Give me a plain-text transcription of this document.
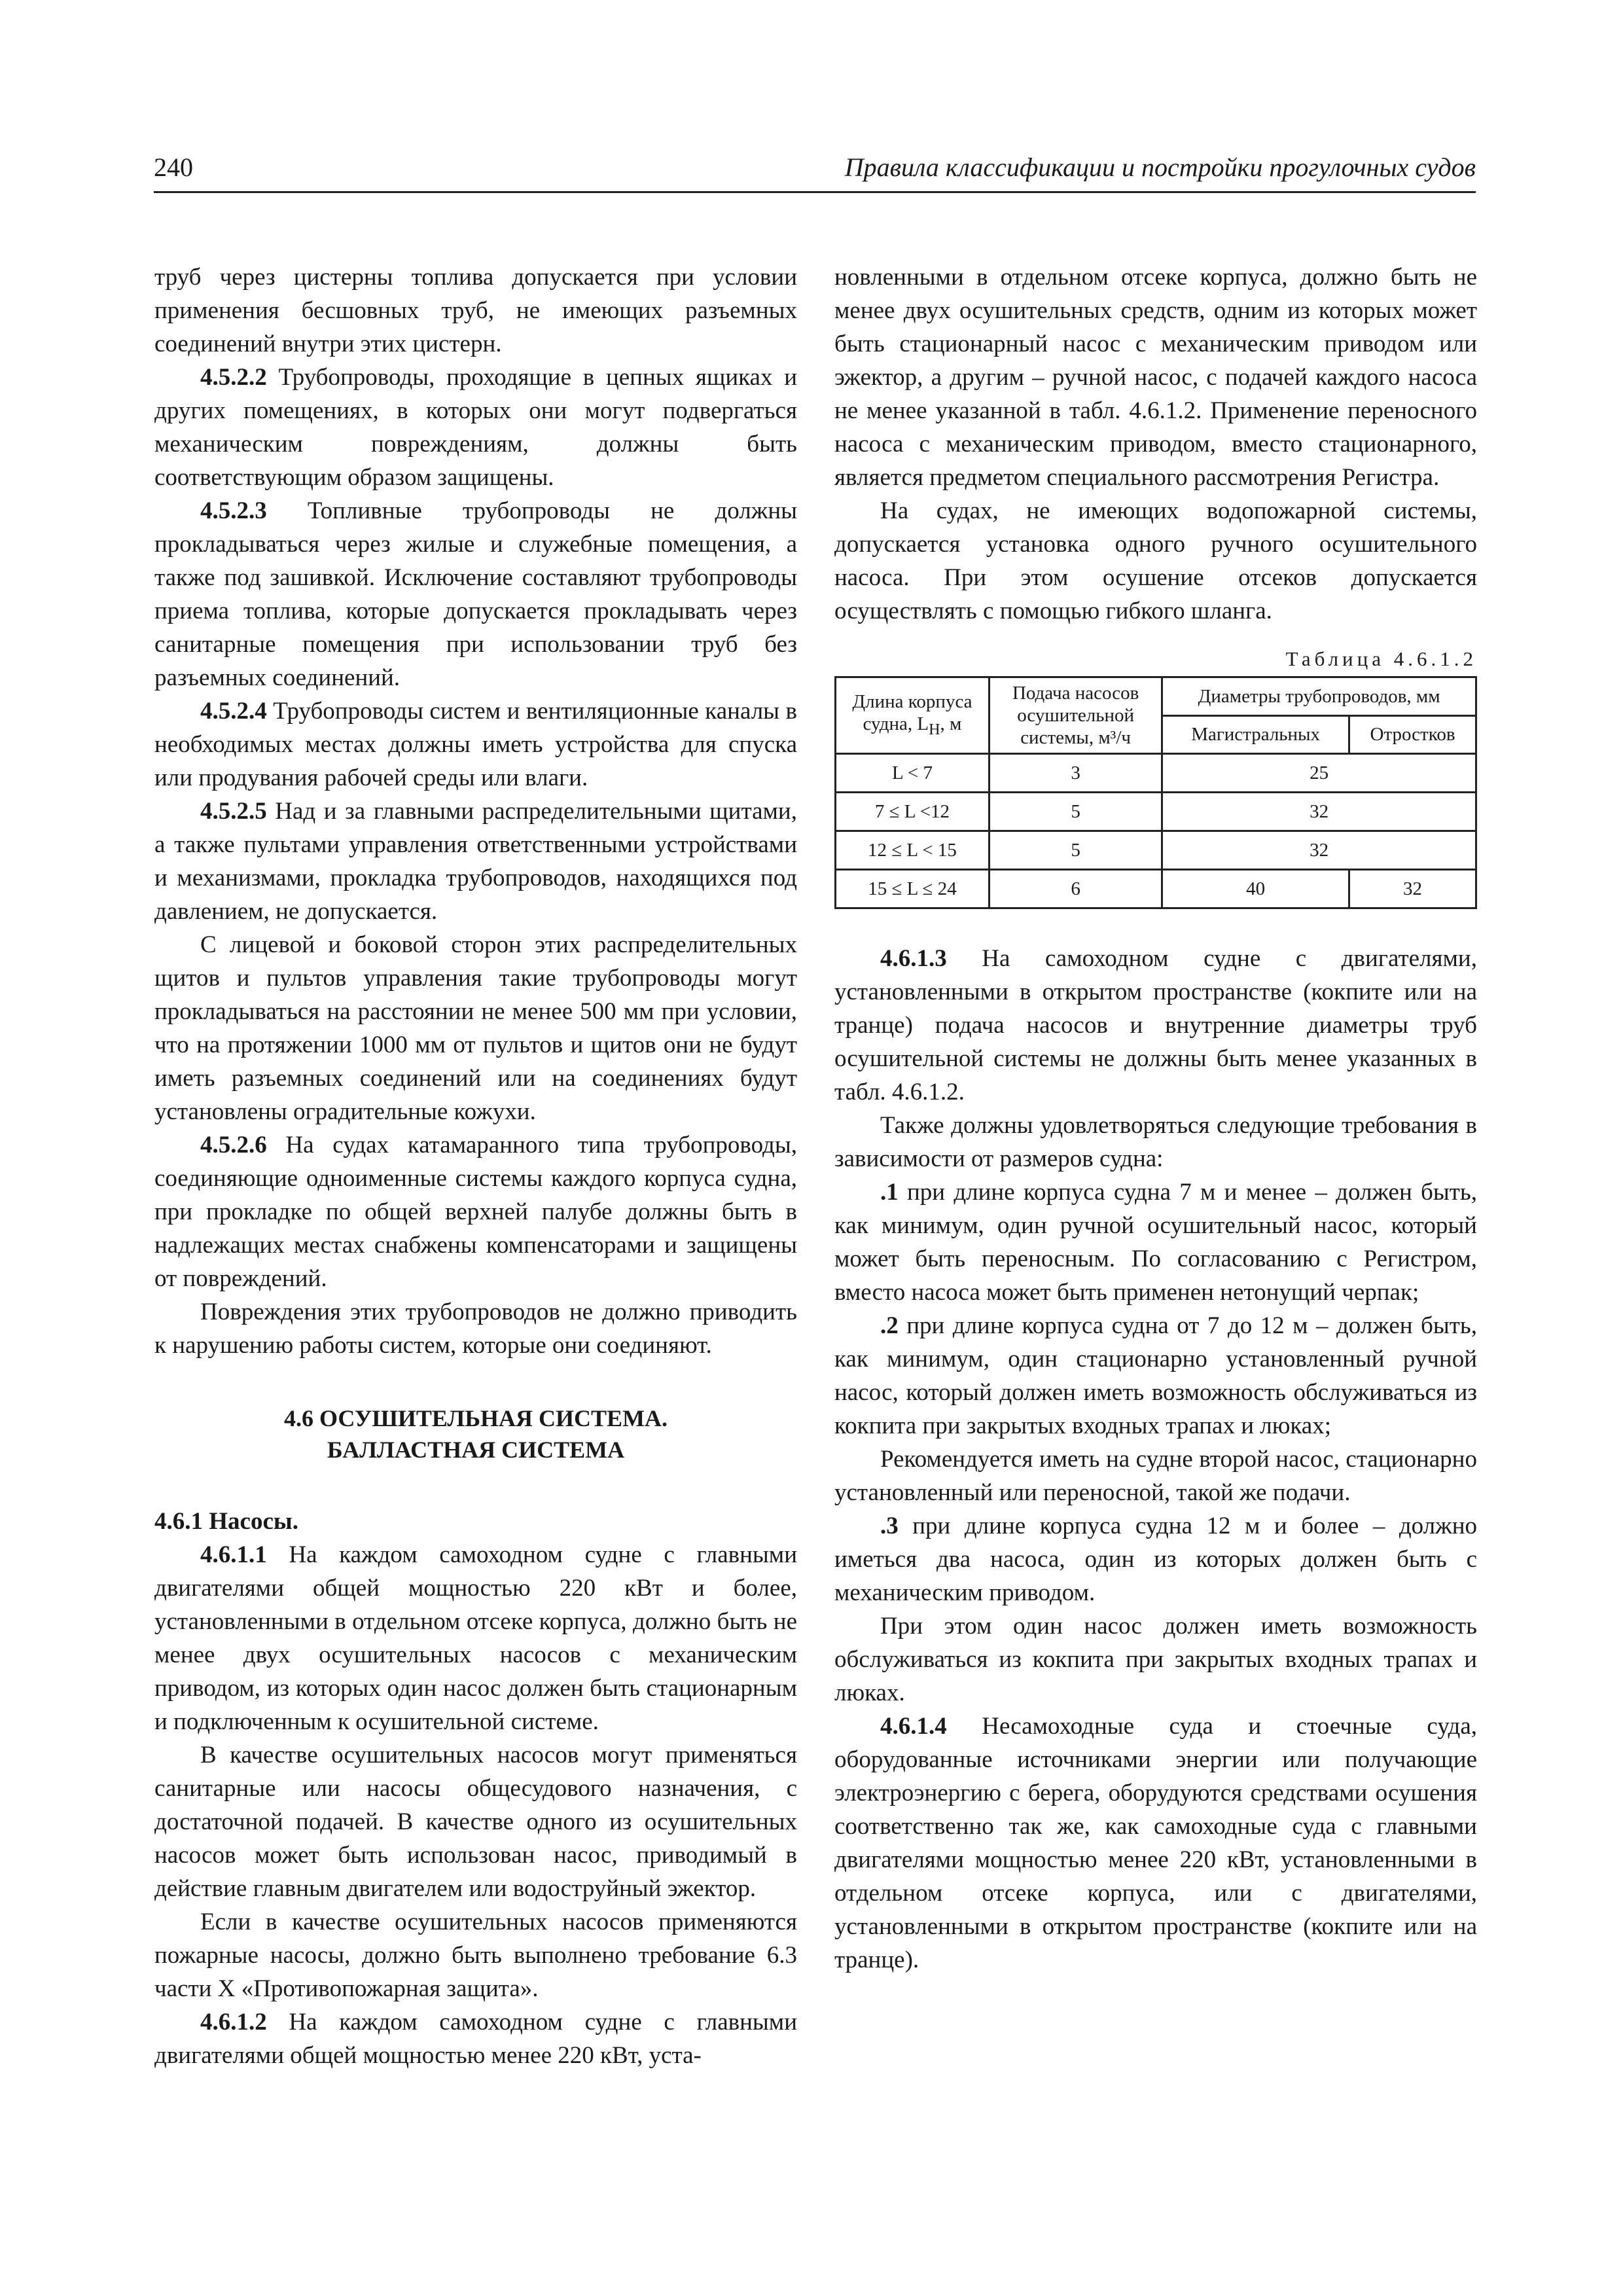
240	Правила классификации и постройки прогулочных судов

труб через цистерны топлива допускается при условии применения бесшовных труб, не имеющих разъемных соединений внутри этих цистерн.

4.5.2.2 Трубопроводы, проходящие в цепных ящиках и других помещениях, в которых они могут подвергаться механическим повреждениям, должны быть соответствующим образом защищены.

4.5.2.3 Топливные трубопроводы не должны прокладываться через жилые и служебные помещения, а также под зашивкой. Исключение составляют трубопроводы приема топлива, которые допускается прокладывать через санитарные помещения при использовании труб без разъемных соединений.

4.5.2.4 Трубопроводы систем и вентиляционные каналы в необходимых местах должны иметь устройства для спуска или продувания рабочей среды или влаги.

4.5.2.5 Над и за главными распределительными щитами, а также пультами управления ответственными устройствами и механизмами, прокладка трубопроводов, находящихся под давлением, не допускается.

С лицевой и боковой сторон этих распределительных щитов и пультов управления такие трубопроводы могут прокладываться на расстоянии не менее 500 мм при условии, что на протяжении 1000 мм от пультов и щитов они не будут иметь разъемных соединений или на соединениях будут установлены оградительные кожухи.

4.5.2.6 На судах катамаранного типа трубопроводы, соединяющие одноименные системы каждого корпуса судна, при прокладке по общей верхней палубе должны быть в надлежащих местах снабжены компенсаторами и защищены от повреждений.

Повреждения этих трубопроводов не должно приводить к нарушению работы систем, которые они соединяют.

4.6 ОСУШИТЕЛЬНАЯ СИСТЕМА.
БАЛЛАСТНАЯ СИСТЕМА

4.6.1 Насосы.

4.6.1.1 На каждом самоходном судне с главными двигателями общей мощностью 220 кВт и более, установленными в отдельном отсеке корпуса, должно быть не менее двух осушительных насосов с механическим приводом, из которых один насос должен быть стационарным и подключенным к осушительной системе.

В качестве осушительных насосов могут применяться санитарные или насосы общесудового назначения, с достаточной подачей. В качестве одного из осушительных насосов может быть использован насос, приводимый в действие главным двигателем или водоструйный эжектор.

Если в качестве осушительных насосов применяются пожарные насосы, должно быть выполнено требование 6.3 части X «Противопожарная защита».

4.6.1.2 На каждом самоходном судне с главными двигателями общей мощностью менее 220 кВт, уста-

новленными в отдельном отсеке корпуса, должно быть не менее двух осушительных средств, одним из которых может быть стационарный насос с механическим приводом или эжектор, а другим – ручной насос, с подачей каждого насоса не менее указанной в табл. 4.6.1.2. Применение переносного насоса с механическим приводом, вместо стационарного, является предметом специального рассмотрения Регистра.

На судах, не имеющих водопожарной системы, допускается установка одного ручного осушительного насоса. При этом осушение отсеков допускается осуществлять с помощью гибкого шланга.

Таблица 4.6.1.2
Длина корпуса судна, $L_H$, м	Подача насосов осушительной системы, м³/ч	Диаметры трубопроводов, мм	
		Магистральных	Отростков
L < 7	3	25	
7 ≤ L <12	5	32	
12 ≤ L < 15	5	32	
15 ≤ L ≤ 24	6	40	32

4.6.1.3 На самоходном судне с двигателями, установленными в открытом пространстве (кокпите или на транце) подача насосов и внутренние диаметры труб осушительной системы не должны быть менее указанных в табл. 4.6.1.2.

Также должны удовлетворяться следующие требования в зависимости от размеров судна:

.1 при длине корпуса судна 7 м и менее – должен быть, как минимум, один ручной осушительный насос, который может быть переносным. По согласованию с Регистром, вместо насоса может быть применен нетонущий черпак;

.2 при длине корпуса судна от 7 до 12 м – должен быть, как минимум, один стационарно установленный ручной насос, который должен иметь возможность обслуживаться из кокпита при закрытых входных трапах и люках;

Рекомендуется иметь на судне второй насос, стационарно установленный или переносной, такой же подачи.

.3 при длине корпуса судна 12 м и более – должно иметься два насоса, один из которых должен быть с механическим приводом.

При этом один насос должен иметь возможность обслуживаться из кокпита при закрытых входных трапах и люках.

4.6.1.4 Несамоходные суда и стоечные суда, оборудованные источниками энергии или получающие электроэнергию с берега, оборудуются средствами осушения соответственно так же, как самоходные суда с главными двигателями мощностью менее 220 кВт, установленными в отдельном отсеке корпуса, или с двигателями, установленными в открытом пространстве (кокпите или на транце).
